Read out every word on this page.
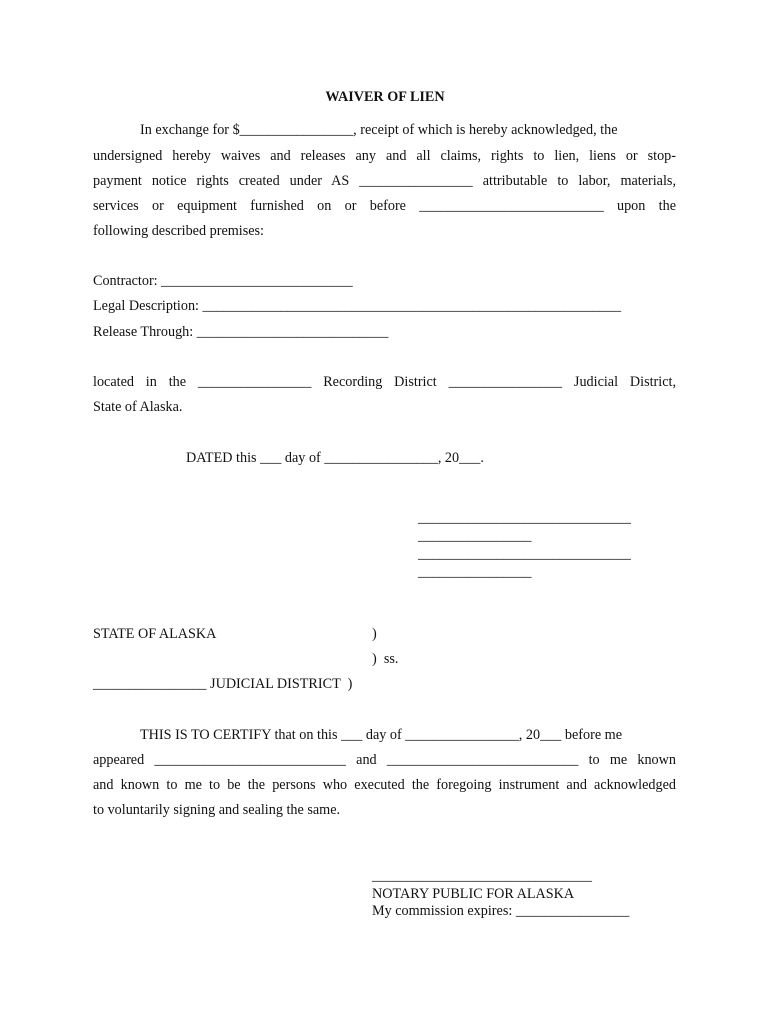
WAIVER OF LIEN
In exchange for $________________, receipt of which is hereby acknowledged, the
undersigned hereby waives and releases any and all claims, rights to lien, liens or stop-
payment notice rights created under AS ________________ attributable to labor, materials,
services or equipment furnished on or before __________________________ upon the
following described premises:
Contractor: ___________________________
Legal Description: ___________________________________________________________
Release Through: ___________________________
located in the ________________ Recording District ________________ Judicial District,
State of Alaska.
DATED this ___ day of ________________, 20___.
______________________________
________________
______________________________
________________
STATE OF ALASKA	)
)  ss.
________________ JUDICIAL DISTRICT  )
THIS IS TO CERTIFY that on this ___ day of ________________, 20___ before me
appeared ___________________________ and ___________________________ to me known
and known to me to be the persons who executed the foregoing instrument and acknowledged
to voluntarily signing and sealing the same.
_______________________________
NOTARY PUBLIC FOR ALASKA
My commission expires: ________________
